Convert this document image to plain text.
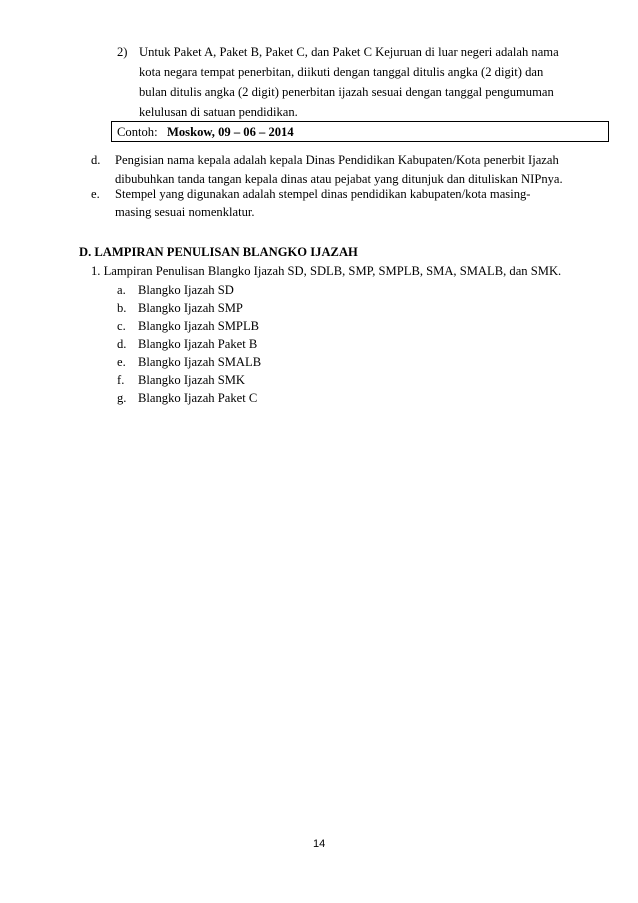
2) Untuk Paket A, Paket B, Paket C, dan Paket C Kejuruan di luar negeri adalah nama
kota negara tempat penerbitan, diikuti dengan tanggal ditulis angka (2 digit) dan
bulan ditulis angka (2 digit) penerbitan ijazah sesuai dengan tanggal pengumuman
kelulusan di satuan pendidikan.
Contoh: Moskow, 09 – 06 – 2014
d. Pengisian nama kepala adalah kepala Dinas Pendidikan Kabupaten/Kota penerbit Ijazah
dibubuhkan tanda tangan kepala dinas atau pejabat yang ditunjuk dan dituliskan NIPnya.
e. Stempel yang digunakan adalah stempel dinas pendidikan kabupaten/kota masing-
masing sesuai nomenklatur.
D. LAMPIRAN PENULISAN BLANGKO IJAZAH
1. Lampiran Penulisan Blangko Ijazah SD, SDLB, SMP, SMPLB, SMA, SMALB, dan SMK.
a. Blangko Ijazah SD
b. Blangko Ijazah SMP
c. Blangko Ijazah SMPLB
d. Blangko Ijazah Paket B
e. Blangko Ijazah SMALB
f. Blangko Ijazah SMK
g. Blangko Ijazah Paket C
14
